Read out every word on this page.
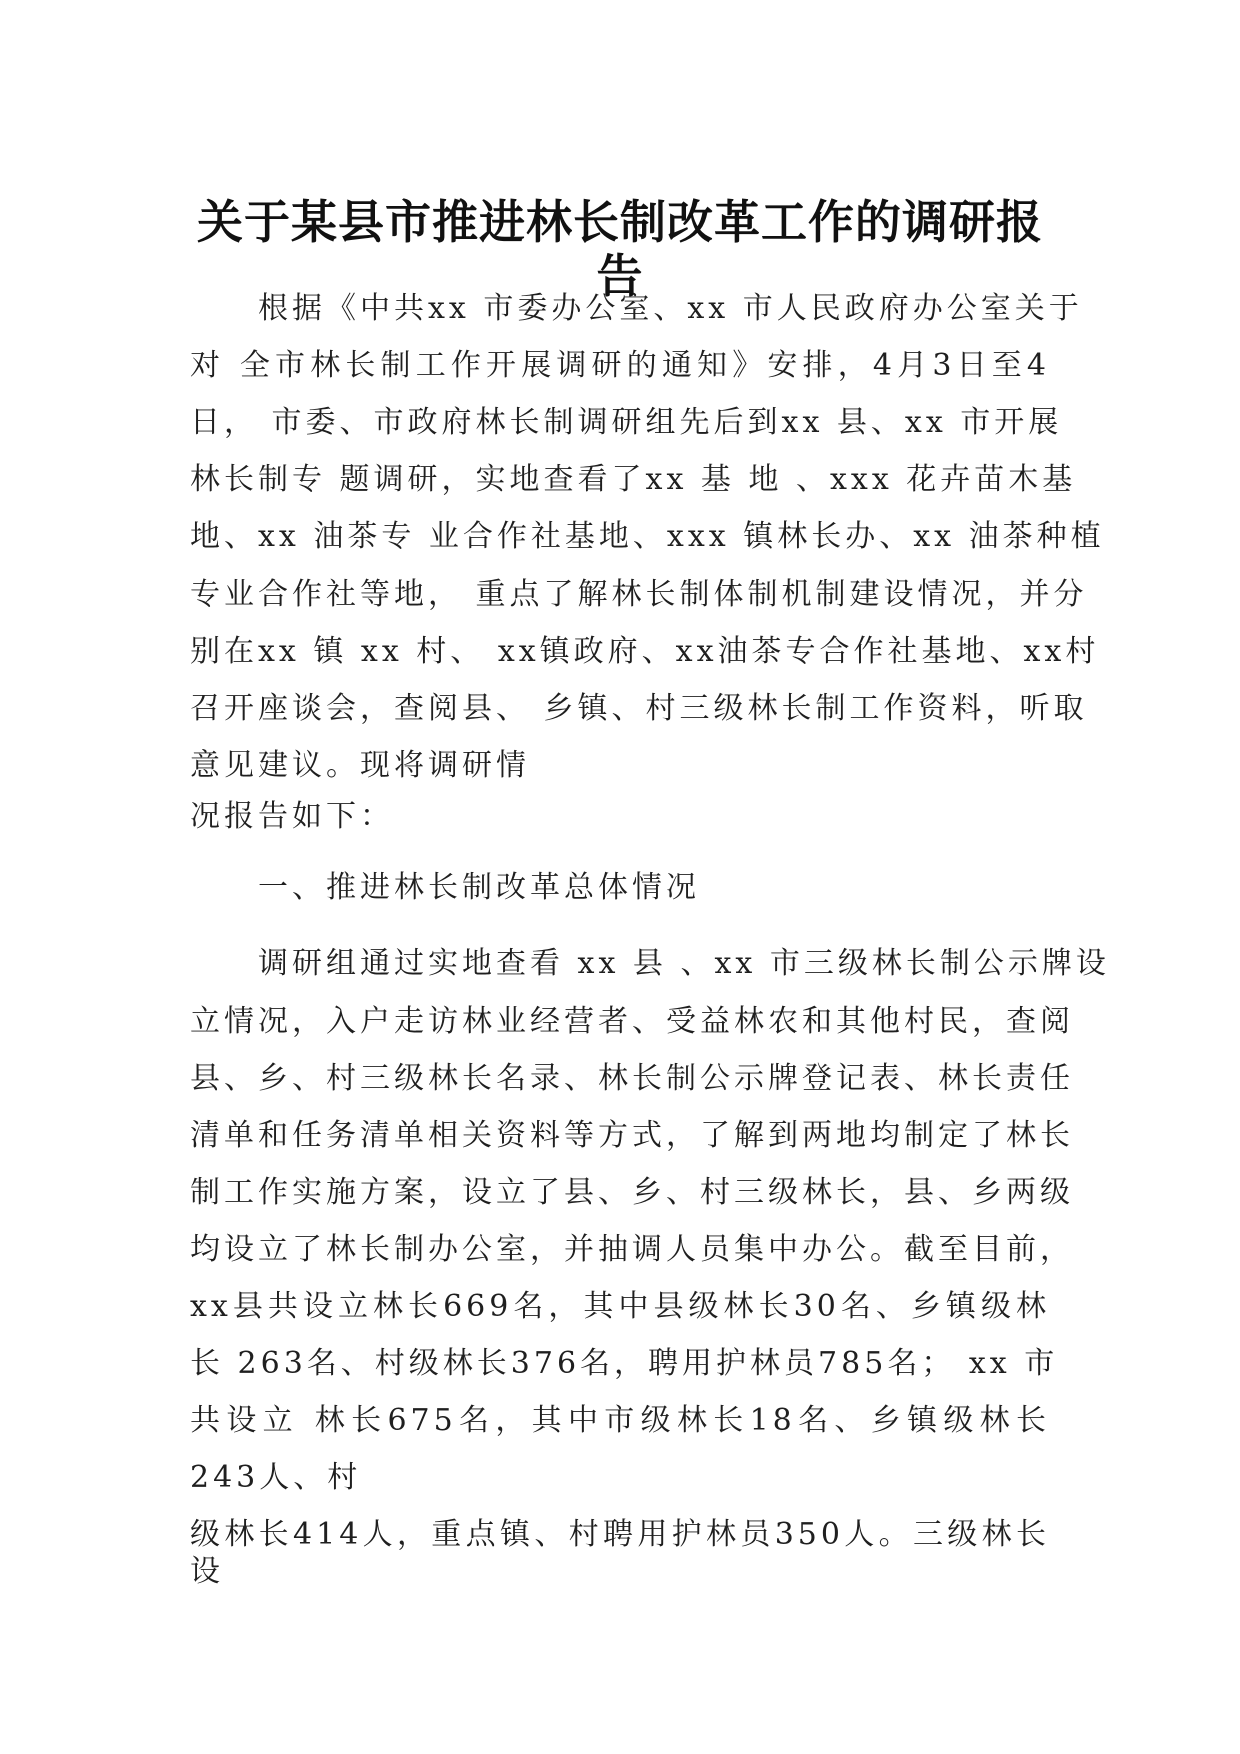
关于某县市推进林长制改革工作的调研报
告
根据《中共xx 市委办公室、xx 市人民政府办公室关于
对 全市林长制工作开展调研的通知》安排，4月3日至4
日， 市委、市政府林长制调研组先后到xx 县、xx 市开展
林长制专 题调研，实地查看了xx 基 地 、xxx 花卉苗木基
地、xx 油茶专 业合作社基地、xxx 镇林长办、xx 油茶种植
专业合作社等地， 重点了解林长制体制机制建设情况，并分
别在xx 镇 xx 村、 xx镇政府、xx油茶专合作社基地、xx村
召开座谈会，查阅县、 乡镇、村三级林长制工作资料，听取
意见建议。现将调研情
况报告如下：
一、推进林长制改革总体情况
调研组通过实地查看 xx 县 、xx 市三级林长制公示牌设
立情况，入户走访林业经营者、受益林农和其他村民，查阅
县、乡、村三级林长名录、林长制公示牌登记表、林长责任
清单和任务清单相关资料等方式，了解到两地均制定了林长
制工作实施方案，设立了县、乡、村三级林长，县、乡两级
均设立了林长制办公室，并抽调人员集中办公。截至目前，
xx县共设立林长669名，其中县级林长30名、乡镇级林
长 263名、村级林长376名，聘用护林员785名； xx 市
共设立 林长675名，其中市级林长18名、乡镇级林长
243人、村
级林长414人，重点镇、村聘用护林员350人。三级林长
设
